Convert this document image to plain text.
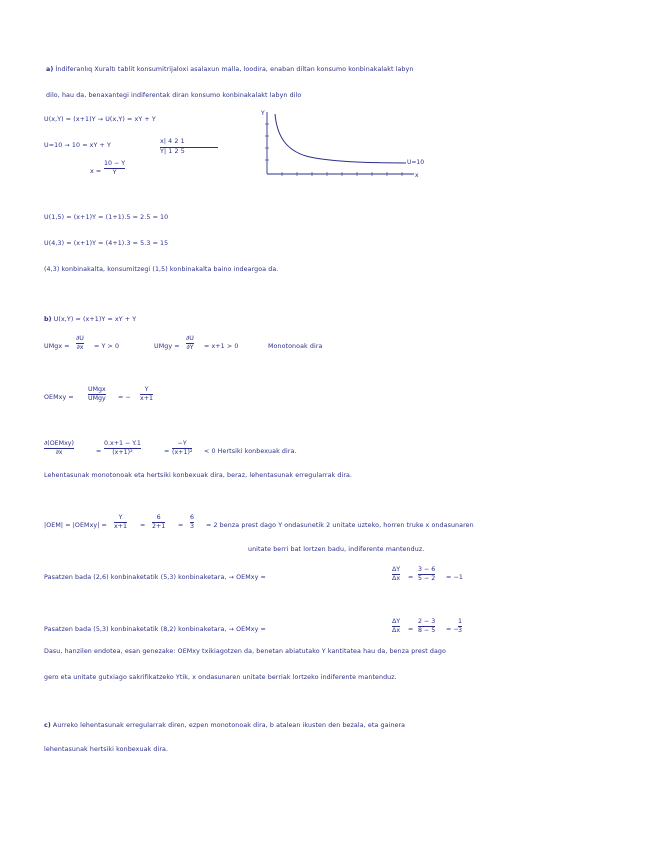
a) İndiferanlıq Xuraltı tablit konsumitrijaloxi asalaxun malla, loodira, enaban diltən konsumo konbinakalakt labyn
dilo, hau da, benaxantegi indiferentak diran konsumo konbinakalakt labyn dilo
U(x,Y) = (x+1)Y → U(x,Y) = xY + Y
U=10 → 10 = xY + Y
x =
10 − Y
Y
x| 4 2 1
Y| 1 2 5
Y
x
U=10
U(1,5) = (x+1)Y = (1+1).5 = 2.5 = 10
U(4,3) = (x+1)Y = (4+1).3 = 5.3 = 15
(4,3) konbinakalta, konsumitzegi (1,5) konbinakalta baino indeargoa da.
b) U(x,Y) = (x+1)Y = xY + Y
UMgx =
∂U
∂x = Y > 0	UMgy =
∂U
∂Y = x+1 > 0	Monotonoak dira
OEMxy =
UMgx
UMgy = −
Y
x+1
∂(OEMxy)
∂x	=
0.x+1 − Y.1
(x+1)²	=
−Y
(x+1)² < 0 Hertsiki konbexuak dira.
Lehentasunak monotonoak eta hertsiki konbexuak dira, beraz, lehentasunak erregularrak dira.
|OEM| = |OEMxy| =
Y
x+1 =
6
2+1 =
6
3 = 2 benza prest dago Y ondasunetik 2 unitate uzteko, horren truke x ondasunaren
unitate berri bat lortzen badu, indiferente mantenduz.
Pasatzen bada (2,6) konbinaketatik (5,3) konbinaketara, → OEMxy =
ΔY
Δx =
3 − 6
5 − 2 = −1
Pasatzen bada (5,3) konbinaketatik (8,2) konbinaketara, → OEMxy =
ΔY
Δx =
2 − 3
8 − 5 = −
1
3
Dasu, hanzilen endotea, esan genezake: OEMxy txikiagotzen da, benetan abiatutako Y kantitatea hau da, benza prest dago
gero eta unitate gutxiago sakrifikatzeko Ytik, x ondasunaren unitate berriak lortzeko indiferente mantenduz.
c) Aurreko lehentasunak erregularrak diren, ezpen monotonoak dira, b atalean ikusten den bezala, eta gainera
lehentasunak hertsiki konbexuak dira.
